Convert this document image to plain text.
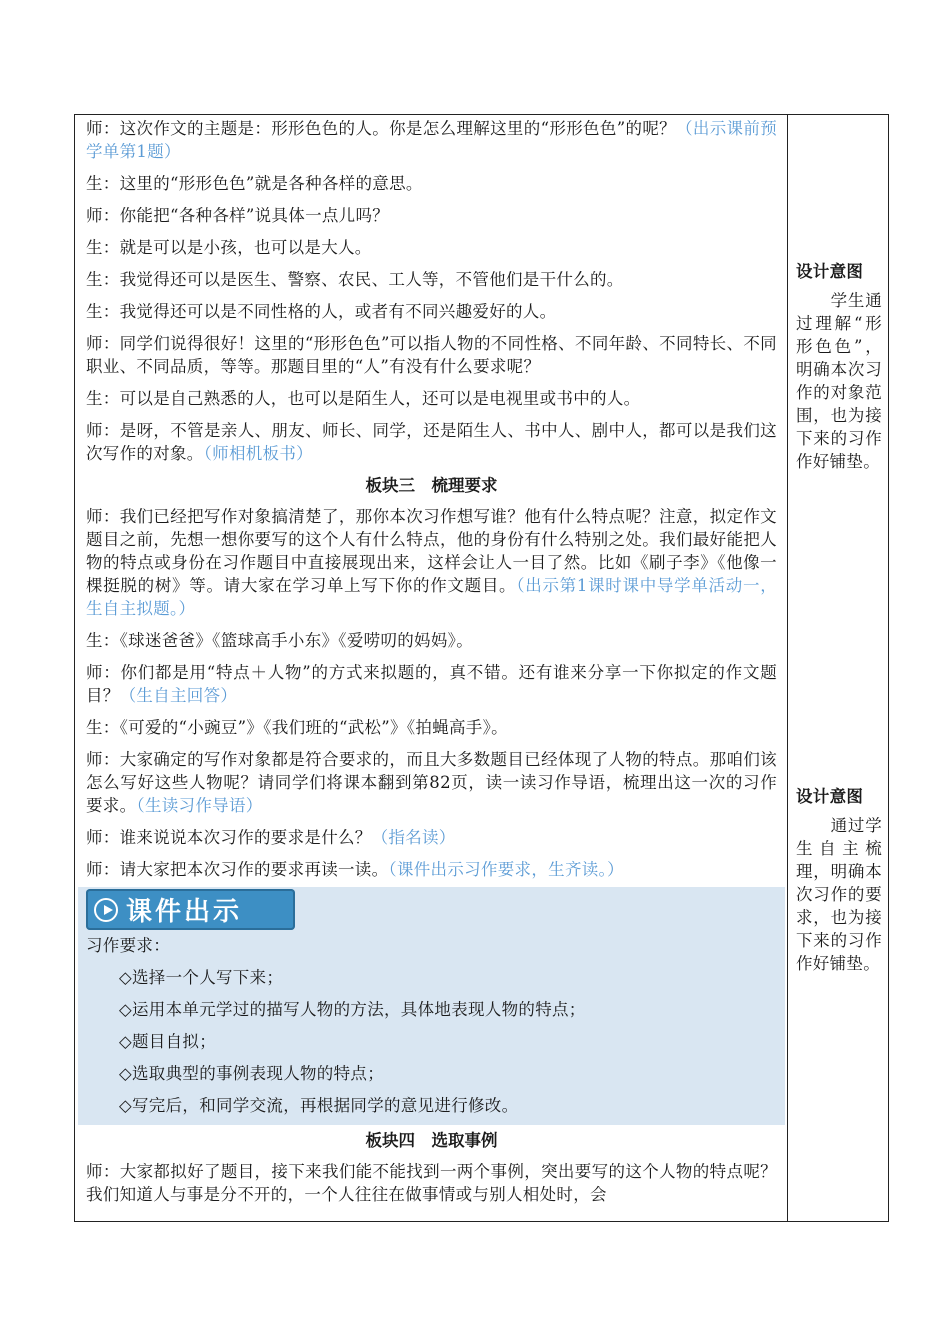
师：这次作文的主题是：形形色色的人。你是怎么理解这里的“形形色色”的呢？（出示课前预学单第1题）

生：这里的“形形色色”就是各种各样的意思。

师：你能把“各种各样”说具体一点儿吗？

生：就是可以是小孩，也可以是大人。

生：我觉得还可以是医生、警察、农民、工人等，不管他们是干什么的。

生：我觉得还可以是不同性格的人，或者有不同兴趣爱好的人。

师：同学们说得很好！这里的“形形色色”可以指人物的不同性格、不同年龄、不同特长、不同职业、不同品质，等等。那题目里的“人”有没有什么要求呢？

生：可以是自己熟悉的人，也可以是陌生人，还可以是电视里或书中的人。

师：是呀，不管是亲人、朋友、师长、同学，还是陌生人、书中人、剧中人，都可以是我们这次写作的对象。（师相机板书）

板块三　梳理要求

师：我们已经把写作对象搞清楚了，那你本次习作想写谁？他有什么特点呢？注意，拟定作文题目之前，先想一想你要写的这个人有什么特点，他的身份有什么特别之处。我们最好能把人物的特点或身份在习作题目中直接展现出来，这样会让人一目了然。比如《刷子李》《他像一棵挺脱的树》等。请大家在学习单上写下你的作文题目。（出示第1课时课中导学单活动一，生自主拟题。）

生：《球迷爸爸》《篮球高手小东》《爱唠叨的妈妈》。

师：你们都是用“特点＋人物”的方式来拟题的，真不错。还有谁来分享一下你拟定的作文题目？（生自主回答）

生：《可爱的“小豌豆”》《我们班的“武松”》《拍蝇高手》。

师：大家确定的写作对象都是符合要求的，而且大多数题目已经体现了人物的特点。那咱们该怎么写好这些人物呢？请同学们将课本翻到第82页，读一读习作导语，梳理出这一次的习作要求。（生读习作导语）

师：谁来说说本次习作的要求是什么？（指名读）

师：请大家把本次习作的要求再读一读。（课件出示习作要求，生齐读。）

课件出示

习作要求：

◇选择一个人写下来；

◇运用本单元学过的描写人物的方法，具体地表现人物的特点；

◇题目自拟；

◇选取典型的事例表现人物的特点；

◇写完后，和同学交流，再根据同学的意见进行修改。

板块四　选取事例

师：大家都拟好了题目，接下来我们能不能找到一两个事例，突出要写的这个人物的特点呢？我们知道人与事是分不开的，一个人往往在做事情或与别人相处时，会

设计意图
　　学生通过理解“形形色色”，明确本次习作的对象范围，也为接下来的习作作好铺垫。
设计意图
　　通过学生自主梳理，明确本次习作的要求，也为接下来的习作作好铺垫。
